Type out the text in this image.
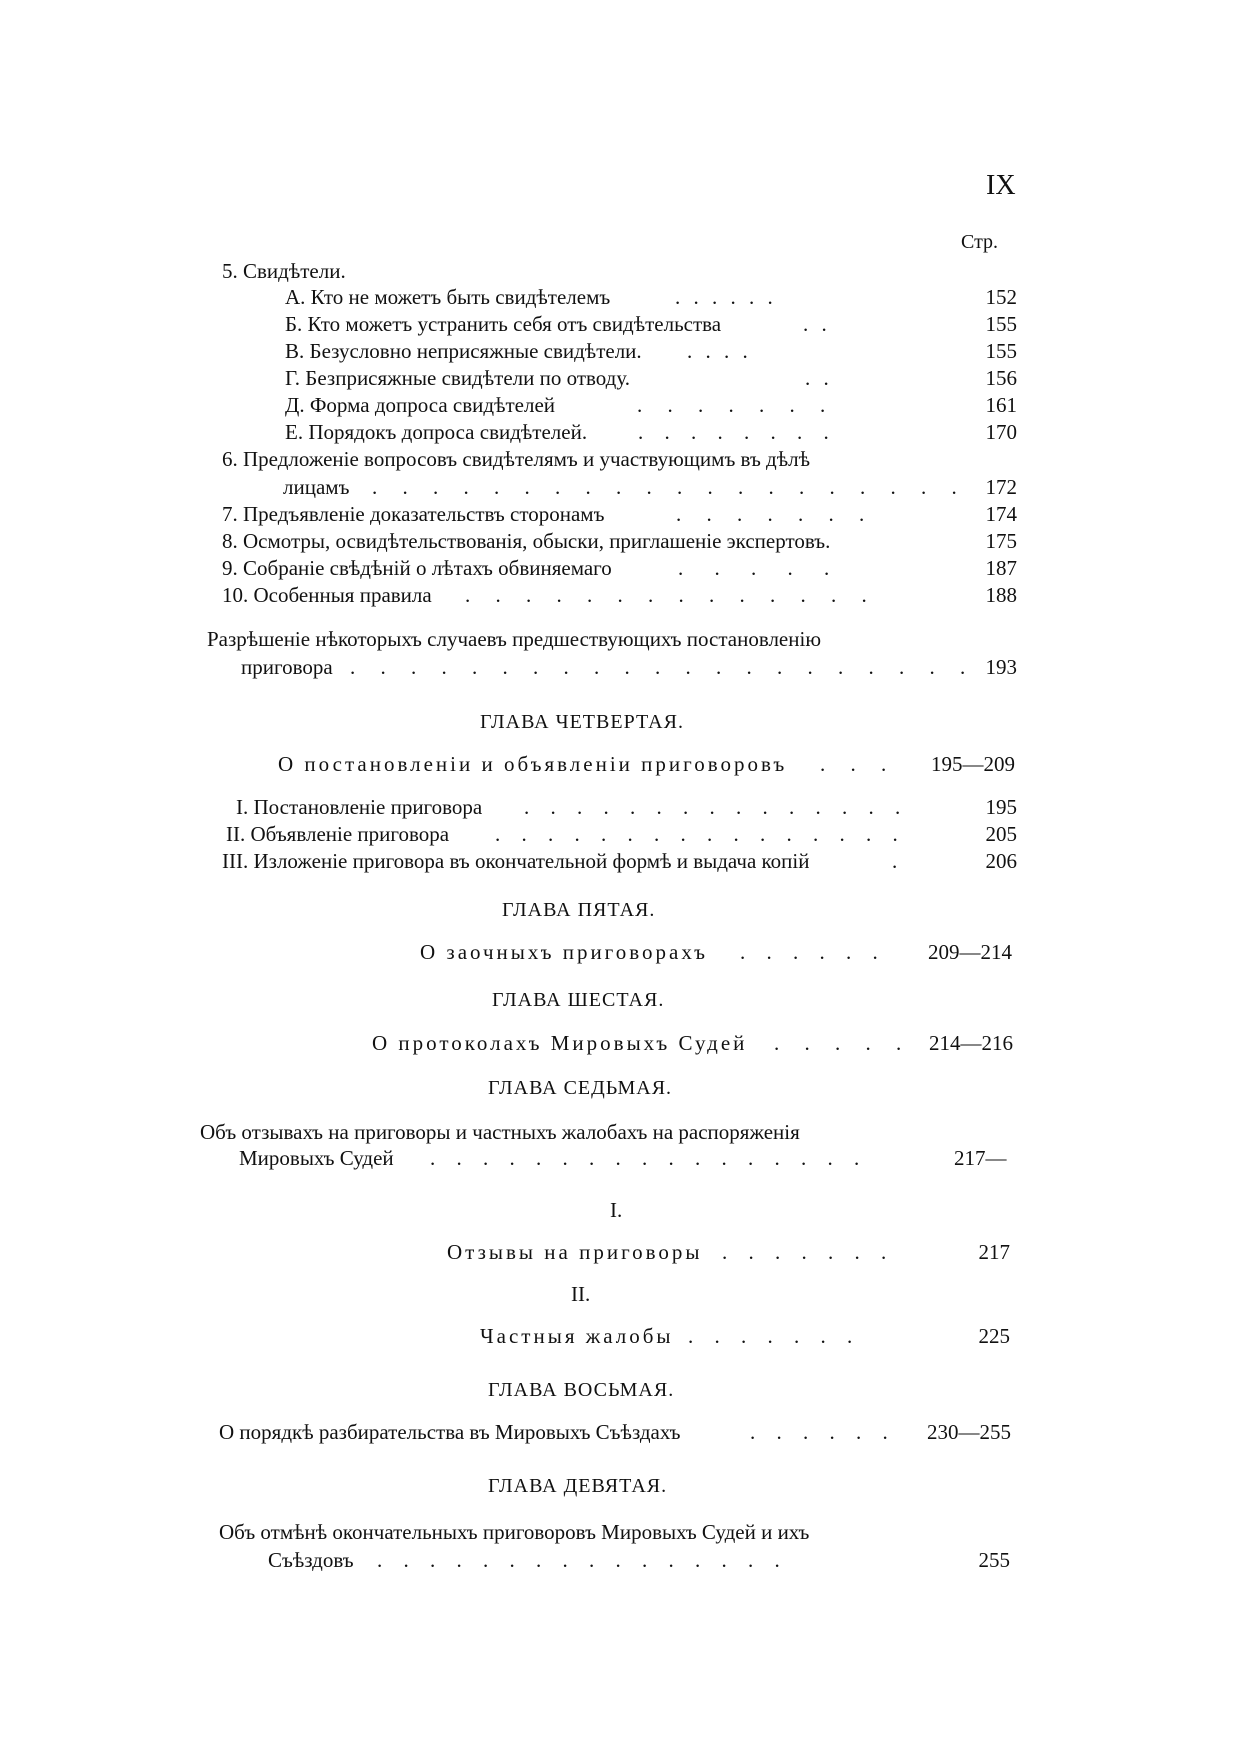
IX
Стр.
5. Свидѣтели.
А. Кто не можетъ быть свидѣтелемъ	. . . . . .	152
Б. Кто можетъ устранить себя отъ свидѣтельства	. .	155
В. Безусловно неприсяжные свидѣтели. . . . .	155
Г. Безприсяжные свидѣтели по отводу.	. .	156
Д. Форма допроса свидѣтелей	. . . . . . .	161
Е. Порядокъ допроса свидѣтелей. . . . . . . . .	170
6. Предложеніе вопросовъ свидѣтелямъ и участвующимъ въ дѣлѣ
лицамъ . . . . . . . . . . . . . . . . . . . . 172
7. Предъявленіе доказательствъ сторонамъ	. . . . . . .	174
8. Осмотры, освидѣтельствованія, обыски, приглашеніе экспертовъ.	175
9. Собраніе свѣдѣній о лѣтахъ обвиняемаго	. . . . .	187
10. Особенныя правила . . . . . . . . . . . . . .	188
Разрѣшеніе нѣкоторыхъ случаевъ предшествующихъ постановленію
приговора . . . . . . . . . . . . . . . . . . . . . 193
ГЛАВА ЧЕТВЕРТАЯ.
О постановленіи и объявленіи приговоровъ . . .	195—209
I. Постановленіе приговора . . . . . . . . . . . . . . .	195
II. Объявленіе приговора . . . . . . . . . . . . . . . .	205
III. Изложеніе приговора въ окончательной формѣ и выдача копій	.	206
ГЛАВА ПЯТАЯ.
О заочныхъ приговорахъ . . . . . .	209—214
ГЛАВА ШЕСТАЯ.
О протоколахъ Мировыхъ Судей . . . . . 214—216
ГЛАВА СЕДЬМАЯ.
Объ отзывахъ на приговоры и частныхъ жалобахъ на распоряженія
Мировыхъ Судей . . . . . . . . . . . . . . . . .	217—
I.
Отзывы на приговоры . . . . . . .	217
II.
Частныя жалобы . . . . . . .	225
ГЛАВА ВОСЬМАЯ.
О порядкѣ разбирательства въ Мировыхъ Съѣздахъ	. . . . . .	230—255
ГЛАВА ДЕВЯТАЯ.
Объ отмѣнѣ окончательныхъ приговоровъ Мировыхъ Судей и ихъ
Съѣздовъ . . . . . . . . . . . . . . . .	255
